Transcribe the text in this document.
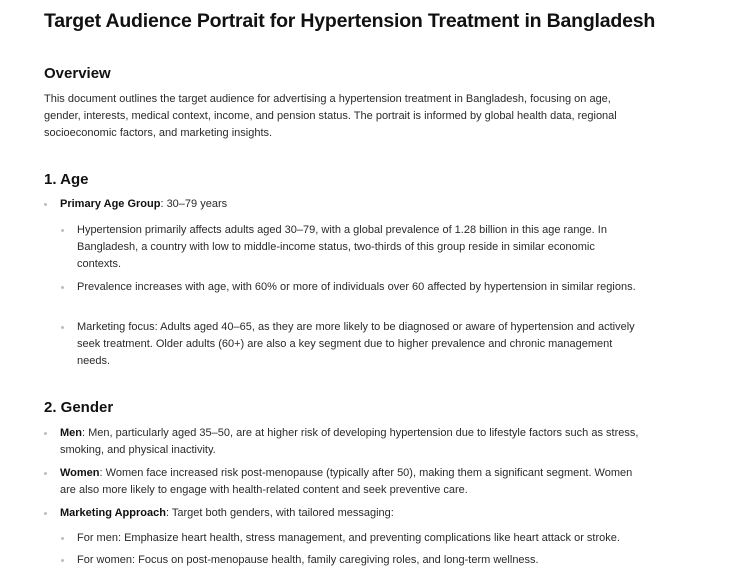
Target Audience Portrait for Hypertension Treatment in Bangladesh
Overview
This document outlines the target audience for advertising a hypertension treatment in Bangladesh, focusing on age, gender, interests, medical context, income, and pension status. The portrait is informed by global health data, regional socioeconomic factors, and marketing insights.
1. Age
Primary Age Group: 30–79 years
Hypertension primarily affects adults aged 30–79, with a global prevalence of 1.28 billion in this age range. In Bangladesh, a country with low to middle-income status, two-thirds of this group reside in similar economic contexts.
Prevalence increases with age, with 60% or more of individuals over 60 affected by hypertension in similar regions.
Marketing focus: Adults aged 40–65, as they are more likely to be diagnosed or aware of hypertension and actively seek treatment. Older adults (60+) are also a key segment due to higher prevalence and chronic management needs.
2. Gender
Men: Men, particularly aged 35–50, are at higher risk of developing hypertension due to lifestyle factors such as stress, smoking, and physical inactivity.
Women: Women face increased risk post-menopause (typically after 50), making them a significant segment. Women are also more likely to engage with health-related content and seek preventive care.
Marketing Approach: Target both genders, with tailored messaging:
For men: Emphasize heart health, stress management, and preventing complications like heart attack or stroke.
For women: Focus on post-menopause health, family caregiving roles, and long-term wellness.
